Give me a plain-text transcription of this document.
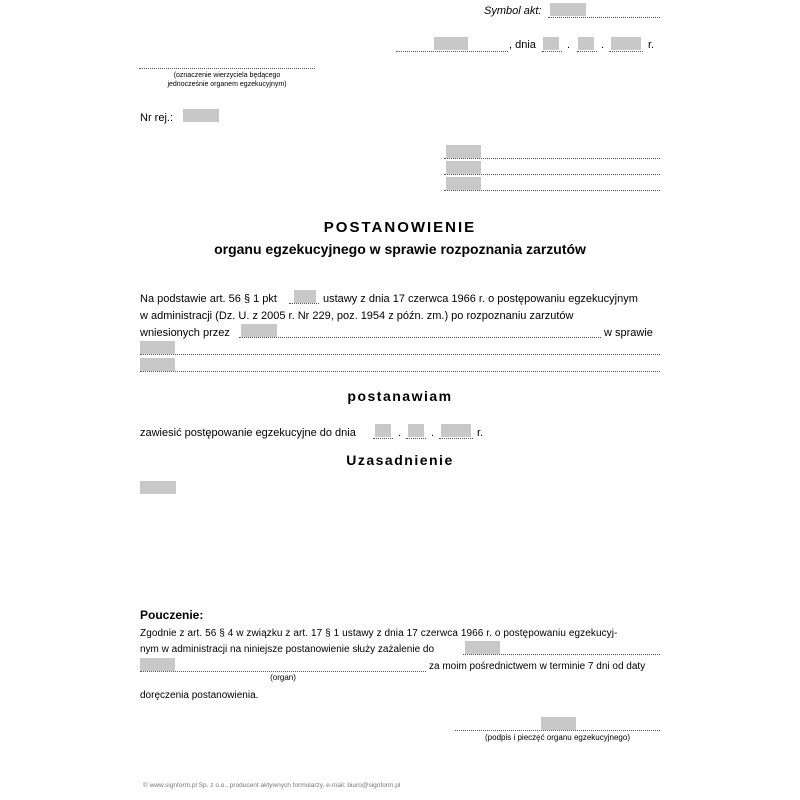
Symbol akt:
, dnia	.	.	r.
(oznaczenie wierzyciela będącego
jednocześnie organem egzekucyjnym)
Nr rej.:
POSTANOWIENIE
organu egzekucyjnego w sprawie rozpoznania zarzutów
Na podstawie art. 56 § 1 pkt	ustawy z dnia 17 czerwca 1966 r. o postępowaniu egzekucyjnym
w administracji (Dz. U. z 2005 r. Nr 229, poz. 1954 z późn. zm.) po rozpoznaniu zarzutów
wniesionych przez	w sprawie
postanawiam
zawiesić postępowanie egzekucyjne do dnia	.	.	r.
Uzasadnienie
Pouczenie:
Zgodnie z art. 56 § 4 w związku z art. 17 § 1 ustawy z dnia 17 czerwca 1966 r. o postępowaniu egzekucyj-
nym w administracji na niniejsze postanowienie służy zażalenie do
za moim pośrednictwem w terminie 7 dni od daty
(organ)
doręczenia postanowienia.
(podpis i pieczęć organu egzekucyjnego)
© www.signform.pl Sp. z o.o., producent aktywnych formularzy, e-mail: biuro@signform.pl
